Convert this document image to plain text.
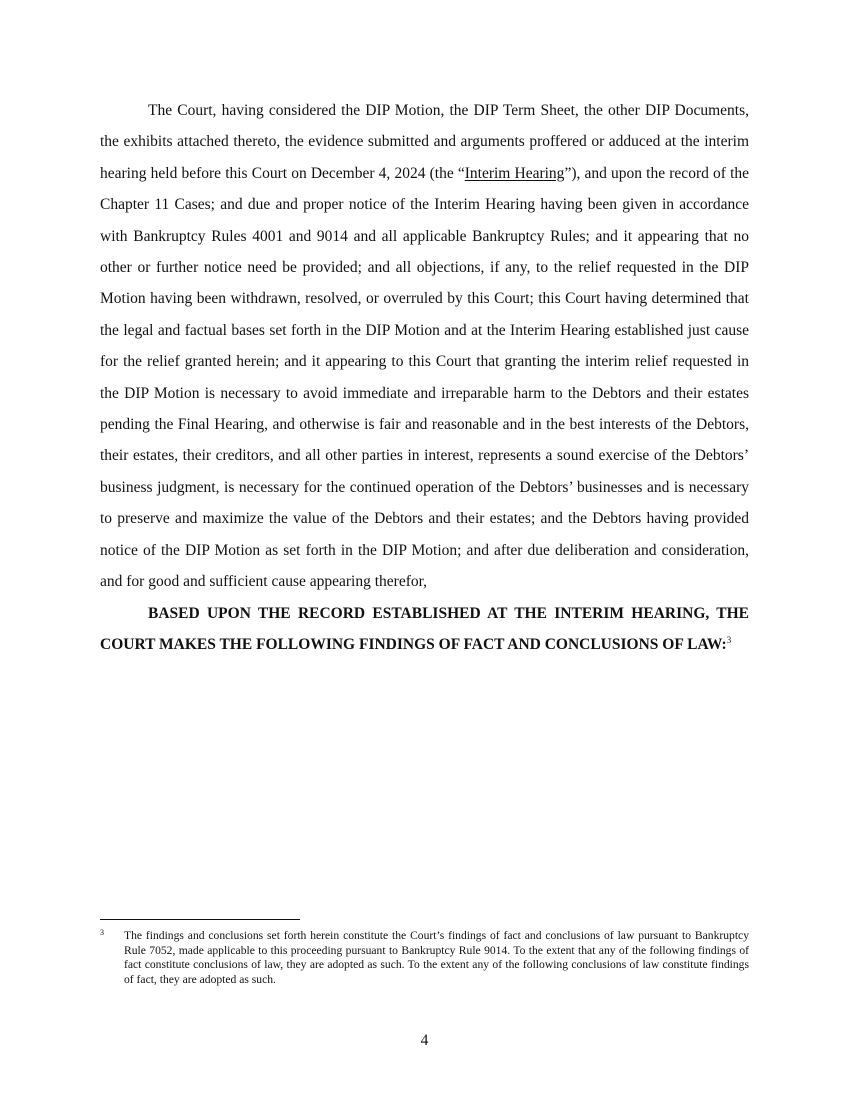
The Court, having considered the DIP Motion, the DIP Term Sheet, the other DIP Documents, the exhibits attached thereto, the evidence submitted and arguments proffered or adduced at the interim hearing held before this Court on December 4, 2024 (the “Interim Hearing”), and upon the record of the Chapter 11 Cases; and due and proper notice of the Interim Hearing having been given in accordance with Bankruptcy Rules 4001 and 9014 and all applicable Bankruptcy Rules; and it appearing that no other or further notice need be provided; and all objections, if any, to the relief requested in the DIP Motion having been withdrawn, resolved, or overruled by this Court; this Court having determined that the legal and factual bases set forth in the DIP Motion and at the Interim Hearing established just cause for the relief granted herein; and it appearing to this Court that granting the interim relief requested in the DIP Motion is necessary to avoid immediate and irreparable harm to the Debtors and their estates pending the Final Hearing, and otherwise is fair and reasonable and in the best interests of the Debtors, their estates, their creditors, and all other parties in interest, represents a sound exercise of the Debtors’ business judgment, is necessary for the continued operation of the Debtors’ businesses and is necessary to preserve and maximize the value of the Debtors and their estates; and the Debtors having provided notice of the DIP Motion as set forth in the DIP Motion; and after due deliberation and consideration, and for good and sufficient cause appearing therefor,

BASED UPON THE RECORD ESTABLISHED AT THE INTERIM HEARING, THE COURT MAKES THE FOLLOWING FINDINGS OF FACT AND CONCLUSIONS OF LAW:$^3$

3 The findings and conclusions set forth herein constitute the Court’s findings of fact and conclusions of law pursuant to Bankruptcy Rule 7052, made applicable to this proceeding pursuant to Bankruptcy Rule 9014. To the extent that any of the following findings of fact constitute conclusions of law, they are adopted as such. To the extent any of the following conclusions of law constitute findings of fact, they are adopted as such.

4
